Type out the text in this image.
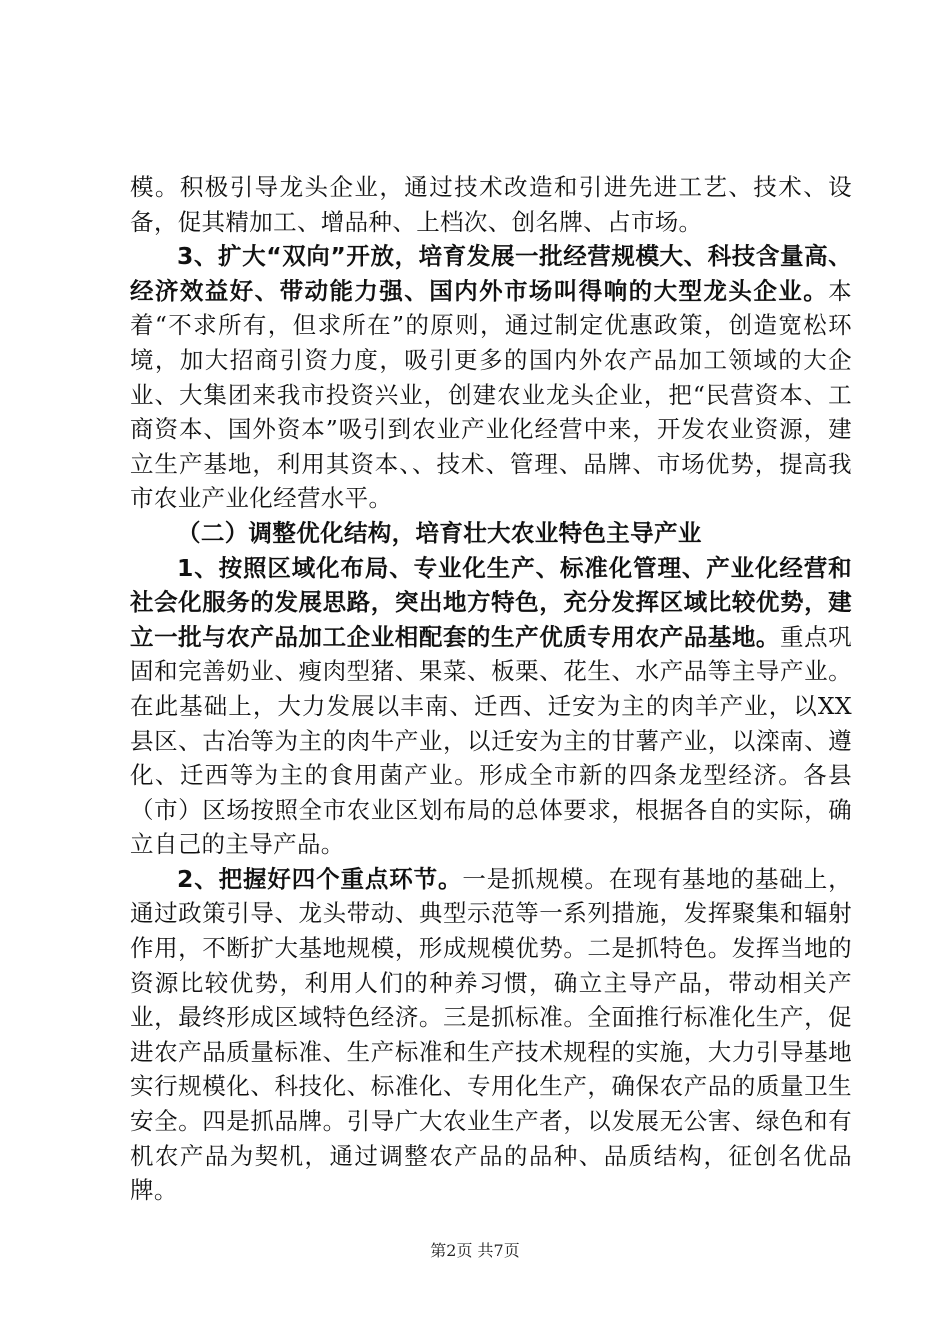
模。积极引导龙头企业，通过技术改造和引进先进工艺、技术、设备，促其精加工、增品种、上档次、创名牌、占市场。

3、扩大“双向”开放，培育发展一批经营规模大、科技含量高、经济效益好、带动能力强、国内外市场叫得响的大型龙头企业。本着“不求所有，但求所在”的原则，通过制定优惠政策，创造宽松环境，加大招商引资力度，吸引更多的国内外农产品加工领域的大企业、大集团来我市投资兴业，创建农业龙头企业，把“民营资本、工商资本、国外资本”吸引到农业产业化经营中来，开发农业资源，建立生产基地，利用其资本、、技术、管理、品牌、市场优势，提高我市农业产业化经营水平。

（二）调整优化结构，培育壮大农业特色主导产业

1、按照区域化布局、专业化生产、标准化管理、产业化经营和社会化服务的发展思路，突出地方特色，充分发挥区域比较优势，建立一批与农产品加工企业相配套的生产优质专用农产品基地。重点巩固和完善奶业、瘦肉型猪、果菜、板栗、花生、水产品等主导产业。在此基础上，大力发展以丰南、迁西、迁安为主的肉羊产业，以XX县区、古冶等为主的肉牛产业，以迁安为主的甘薯产业，以滦南、遵化、迁西等为主的食用菌产业。形成全市新的四条龙型经济。各县（市）区场按照全市农业区划布局的总体要求，根据各自的实际，确立自己的主导产品。

2、把握好四个重点环节。一是抓规模。在现有基地的基础上，通过政策引导、龙头带动、典型示范等一系列措施，发挥聚集和辐射作用，不断扩大基地规模，形成规模优势。二是抓特色。发挥当地的资源比较优势，利用人们的种养习惯，确立主导产品，带动相关产业，最终形成区域特色经济。三是抓标准。全面推行标准化生产，促进农产品质量标准、生产标准和生产技术规程的实施，大力引导基地实行规模化、科技化、标准化、专用化生产，确保农产品的质量卫生安全。四是抓品牌。引导广大农业生产者，以发展无公害、绿色和有机农产品为契机，通过调整农产品的品种、品质结构，征创名优品牌。

第2页 共7页
